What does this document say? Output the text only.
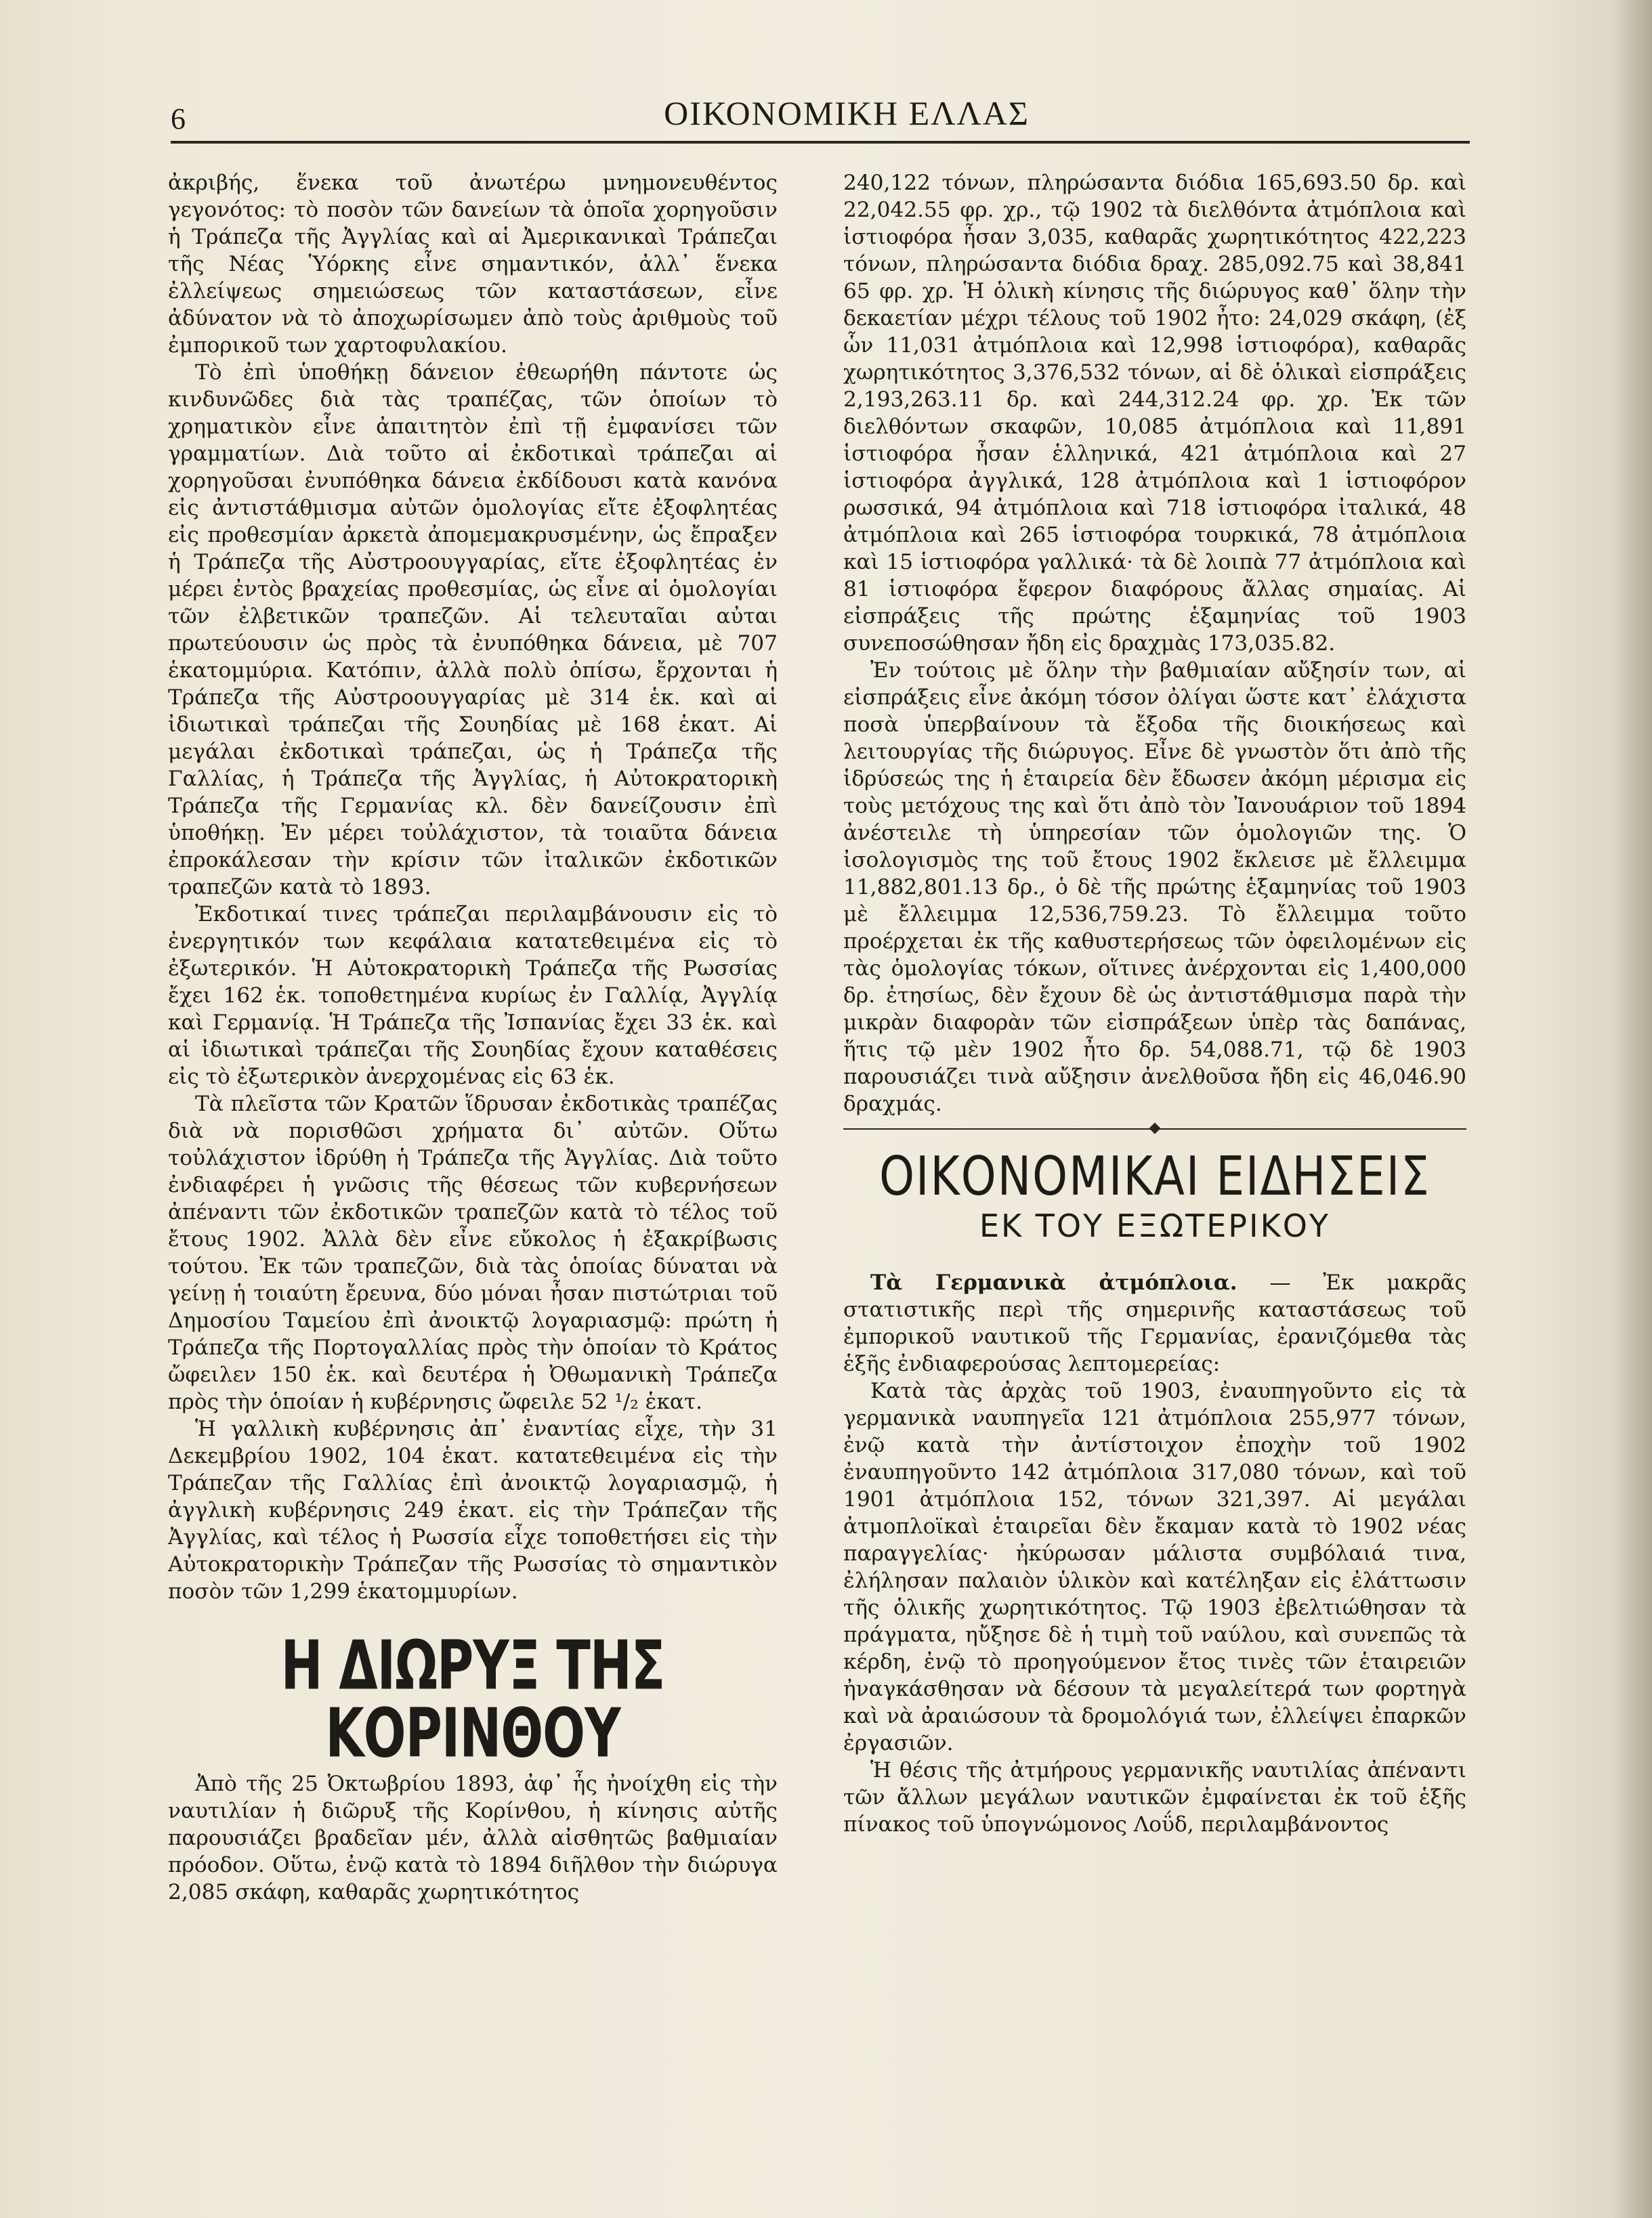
6	ΟΙΚΟΝΟΜΙΚΗ ΕΛΛΑΣ

ἀκριβής, ἕνεκα τοῦ ἀνωτέρω μνημονευθέντος γεγονότος: τὸ ποσὸν τῶν δανείων τὰ ὁποῖα χορηγοῦσιν ἡ Τράπεζα τῆς Ἀγγλίας καὶ αἱ Ἀμερικανικαὶ Τράπεζαι τῆς Νέας Ὑόρκης εἶνε σημαντικόν, ἀλλ᾿ ἕνεκα ἐλλείψεως σημειώσεως τῶν καταστάσεων, εἶνε ἀδύνατον νὰ τὸ ἀποχωρίσωμεν ἀπὸ τοὺς ἀριθμοὺς τοῦ ἐμπορικοῦ των χαρτοφυλακίου.

Τὸ ἐπὶ ὑποθήκῃ δάνειον ἐθεωρήθη πάντοτε ὡς κινδυνῶδες διὰ τὰς τραπέζας, τῶν ὁποίων τὸ χρηματικὸν εἶνε ἀπαιτητὸν ἐπὶ τῇ ἐμφανίσει τῶν γραμματίων. Διὰ τοῦτο αἱ ἐκδοτικαὶ τράπεζαι αἱ χορηγοῦσαι ἐνυπόθηκα δάνεια ἐκδίδουσι κατὰ κανόνα εἰς ἀντιστάθμισμα αὐτῶν ὁμολογίας εἴτε ἐξοφλητέας εἰς προθεσμίαν ἀρκετὰ ἀπομεμακρυσμένην, ὡς ἔπραξεν ἡ Τράπεζα τῆς Αὐστροουγγαρίας, εἴτε ἐξοφλητέας ἐν μέρει ἐντὸς βραχείας προθεσμίας, ὡς εἶνε αἱ ὁμολογίαι τῶν ἐλβετικῶν τραπεζῶν. Αἱ τελευταῖαι αὐται πρωτεύουσιν ὡς πρὸς τὰ ἐνυπόθηκα δάνεια, μὲ 707 ἑκατομμύρια. Κατόπιν, ἀλλὰ πολὺ ὀπίσω, ἔρχονται ἡ Τράπεζα τῆς Αὐστροουγγαρίας μὲ 314 ἑκ. καὶ αἱ ἰδιωτικαὶ τράπεζαι τῆς Σουηδίας μὲ 168 ἑκατ. Αἱ μεγάλαι ἐκδοτικαὶ τράπεζαι, ὡς ἡ Τράπεζα τῆς Γαλλίας, ἡ Τράπεζα τῆς Ἀγγλίας, ἡ Αὐτοκρατορικὴ Τράπεζα τῆς Γερμανίας κλ. δὲν δανείζουσιν ἐπὶ ὑποθήκῃ. Ἐν μέρει τοὐλάχιστον, τὰ τοιαῦτα δάνεια ἐπροκάλεσαν τὴν κρίσιν τῶν ἰταλικῶν ἐκδοτικῶν τραπεζῶν κατὰ τὸ 1893.

Ἐκδοτικαί τινες τράπεζαι περιλαμβάνουσιν εἰς τὸ ἐνεργητικόν των κεφάλαια κατατεθειμένα εἰς τὸ ἐξωτερικόν. Ἡ Αὐτοκρατορικὴ Τράπεζα τῆς Ρωσσίας ἔχει 162 ἑκ. τοποθετημένα κυρίως ἐν Γαλλίᾳ, Ἀγγλίᾳ καὶ Γερμανίᾳ. Ἡ Τράπεζα τῆς Ἰσπανίας ἔχει 33 ἑκ. καὶ αἱ ἰδιωτικαὶ τράπεζαι τῆς Σουηδίας ἔχουν καταθέσεις εἰς τὸ ἐξωτερικὸν ἀνερχομένας εἰς 63 ἑκ.

Τὰ πλεῖστα τῶν Κρατῶν ἵδρυσαν ἐκδοτικὰς τραπέζας διὰ νὰ πορισθῶσι χρήματα δι᾿ αὐτῶν. Οὕτω τοὐλάχιστον ἱδρύθη ἡ Τράπεζα τῆς Ἀγγλίας. Διὰ τοῦτο ἐνδιαφέρει ἡ γνῶσις τῆς θέσεως τῶν κυβερνήσεων ἀπέναντι τῶν ἐκδοτικῶν τραπεζῶν κατὰ τὸ τέλος τοῦ ἔτους 1902. Ἀλλὰ δὲν εἶνε εὔκολος ἡ ἐξακρίβωσις τούτου. Ἐκ τῶν τραπεζῶν, διὰ τὰς ὁποίας δύναται νὰ γείνῃ ἡ τοιαύτη ἔρευνα, δύο μόναι ἦσαν πιστώτριαι τοῦ Δημοσίου Ταμείου ἐπὶ ἀνοικτῷ λογαριασμῷ: πρώτη ἡ Τράπεζα τῆς Πορτογαλλίας πρὸς τὴν ὁποίαν τὸ Κράτος ὤφειλεν 150 ἑκ. καὶ δευτέρα ἡ Ὀθωμανικὴ Τράπεζα πρὸς τὴν ὁποίαν ἡ κυβέρνησις ὤφειλε 52 ¹/₂ ἑκατ.

Ἡ γαλλικὴ κυβέρνησις ἀπ᾿ ἐναντίας εἶχε, τὴν 31 Δεκεμβρίου 1902, 104 ἑκατ. κατατεθειμένα εἰς τὴν Τράπεζαν τῆς Γαλλίας ἐπὶ ἀνοικτῷ λογαριασμῷ, ἡ ἀγγλικὴ κυβέρνησις 249 ἑκατ. εἰς τὴν Τράπεζαν τῆς Ἀγγλίας, καὶ τέλος ἡ Ρωσσία εἶχε τοποθετήσει εἰς τὴν Αὐτοκρατορικὴν Τράπεζαν τῆς Ρωσσίας τὸ σημαντικὸν ποσὸν τῶν 1,299 ἑκατομμυρίων.

Η ΔΙΩΡΥΞ ΤΗΣ ΚΟΡΙΝΘΟΥ

Ἀπὸ τῆς 25 Ὀκτωβρίου 1893, ἀφ᾿ ἧς ἠνοίχθη εἰς τὴν ναυτιλίαν ἡ διῶρυξ τῆς Κορίνθου, ἡ κίνησις αὐτῆς παρουσιάζει βραδεῖαν μέν, ἀλλὰ αἰσθητῶς βαθμιαίαν πρόοδον. Οὕτω, ἐνῷ κατὰ τὸ 1894 διῆλθον τὴν διώρυγα 2,085 σκάφη, καθαρᾶς χωρητικότητος

240,122 τόνων, πληρώσαντα διόδια 165,693.50 δρ. καὶ 22,042.55 φρ. χρ., τῷ 1902 τὰ διελθόντα ἀτμόπλοια καὶ ἱστιοφόρα ἦσαν 3,035, καθαρᾶς χωρητικότητος 422,223 τόνων, πληρώσαντα διόδια δραχ. 285,092.75 καὶ 38,841 65 φρ. χρ. Ἡ ὁλικὴ κίνησις τῆς διώρυγος καθ᾿ ὅλην τὴν δεκαετίαν μέχρι τέλους τοῦ 1902 ἦτο: 24,029 σκάφη, (ἐξ ὧν 11,031 ἀτμόπλοια καὶ 12,998 ἱστιοφόρα), καθαρᾶς χωρητικότητος 3,376,532 τόνων, αἱ δὲ ὁλικαὶ εἰσπράξεις 2,193,263.11 δρ. καὶ 244,312.24 φρ. χρ. Ἐκ τῶν διελθόντων σκαφῶν, 10,085 ἀτμόπλοια καὶ 11,891 ἱστιοφόρα ἦσαν ἑλληνικά, 421 ἀτμόπλοια καὶ 27 ἱστιοφόρα ἀγγλικά, 128 ἀτμόπλοια καὶ 1 ἱστιοφόρον ρωσσικά, 94 ἀτμόπλοια καὶ 718 ἱστιοφόρα ἰταλικά, 48 ἀτμόπλοια καὶ 265 ἱστιοφόρα τουρκικά, 78 ἀτμόπλοια καὶ 15 ἱστιοφόρα γαλλικά· τὰ δὲ λοιπὰ 77 ἀτμόπλοια καὶ 81 ἱστιοφόρα ἔφερον διαφόρους ἄλλας σημαίας. Αἱ εἰσπράξεις τῆς πρώτης ἑξαμηνίας τοῦ 1903 συνεποσώθησαν ἤδη εἰς δραχμὰς 173,035.82.

Ἐν τούτοις μὲ ὅλην τὴν βαθμιαίαν αὔξησίν των, αἱ εἰσπράξεις εἶνε ἀκόμη τόσον ὀλίγαι ὥστε κατ᾿ ἐλάχιστα ποσὰ ὑπερβαίνουν τὰ ἔξοδα τῆς διοικήσεως καὶ λειτουργίας τῆς διώρυγος. Εἶνε δὲ γνωστὸν ὅτι ἀπὸ τῆς ἱδρύσεώς της ἡ ἑταιρεία δὲν ἔδωσεν ἀκόμη μέρισμα εἰς τοὺς μετόχους της καὶ ὅτι ἀπὸ τὸν Ἰανουάριον τοῦ 1894 ἀνέστειλε τὴ ὑπηρεσίαν τῶν ὁμολογιῶν της. Ὁ ἰσολογισμὸς της τοῦ ἔτους 1902 ἔκλεισε μὲ ἔλλειμμα 11,882,801.13 δρ., ὁ δὲ τῆς πρώτης ἑξαμηνίας τοῦ 1903 μὲ ἔλλειμμα 12,536,759.23. Τὸ ἔλλειμμα τοῦτο προέρχεται ἐκ τῆς καθυστερήσεως τῶν ὀφειλομένων εἰς τὰς ὁμολογίας τόκων, οἵτινες ἀνέρχονται εἰς 1,400,000 δρ. ἐτησίως, δὲν ἔχουν δὲ ὡς ἀντιστάθμισμα παρὰ τὴν μικρὰν διαφορὰν τῶν εἰσπράξεων ὑπὲρ τὰς δαπάνας, ἥτις τῷ μὲν 1902 ἦτο δρ. 54,088.71, τῷ δὲ 1903 παρουσιάζει τινὰ αὔξησιν ἀνελθοῦσα ἤδη εἰς 46,046.90 δραχμάς.

ΟΙΚΟΝΟΜΙΚΑΙ ΕΙΔΗΣΕΙΣ
ΕΚ ΤΟΥ ΕΞΩΤΕΡΙΚΟΥ

Τὰ Γερμανικὰ ἀτμόπλοια. — Ἐκ μακρᾶς στατιστικῆς περὶ τῆς σημερινῆς καταστάσεως τοῦ ἐμπορικοῦ ναυτικοῦ τῆς Γερμανίας, ἐρανιζόμεθα τὰς ἑξῆς ἐνδιαφερούσας λεπτομερείας:

Κατὰ τὰς ἀρχὰς τοῦ 1903, ἐναυπηγοῦντο εἰς τὰ γερμανικὰ ναυπηγεῖα 121 ἀτμόπλοια 255,977 τόνων, ἐνῷ κατὰ τὴν ἀντίστοιχον ἐποχὴν τοῦ 1902 ἐναυπηγοῦντο 142 ἀτμόπλοια 317,080 τόνων, καὶ τοῦ 1901 ἀτμόπλοια 152, τόνων 321,397. Αἱ μεγάλαι ἀτμοπλοϊκαὶ ἑταιρεῖαι δὲν ἔκαμαν κατὰ τὸ 1902 νέας παραγγελίας· ἠκύρωσαν μάλιστα συμβόλαιά τινα, ἐλήλησαν παλαιὸν ὑλικὸν καὶ κατέληξαν εἰς ἐλάττωσιν τῆς ὁλικῆς χωρητικότητος. Τῷ 1903 ἐβελτιώθησαν τὰ πράγματα, ηὔξησε δὲ ἡ τιμὴ τοῦ ναύλου, καὶ συνεπῶς τὰ κέρδη, ἐνῷ τὸ προηγούμενον ἔτος τινὲς τῶν ἑταιρειῶν ἠναγκάσθησαν νὰ δέσουν τὰ μεγαλείτερά των φορτηγὰ καὶ νὰ ἀραιώσουν τὰ δρομολόγιά των, ἐλλείψει ἐπαρκῶν ἐργασιῶν.

Ἡ θέσις τῆς ἀτμήρους γερμανικῆς ναυτιλίας ἀπέναντι τῶν ἄλλων μεγάλων ναυτικῶν ἐμφαίνεται ἐκ τοῦ ἑξῆς πίνακος τοῦ ὑπογνώμονος Λοΰδ, περιλαμβάνοντος
